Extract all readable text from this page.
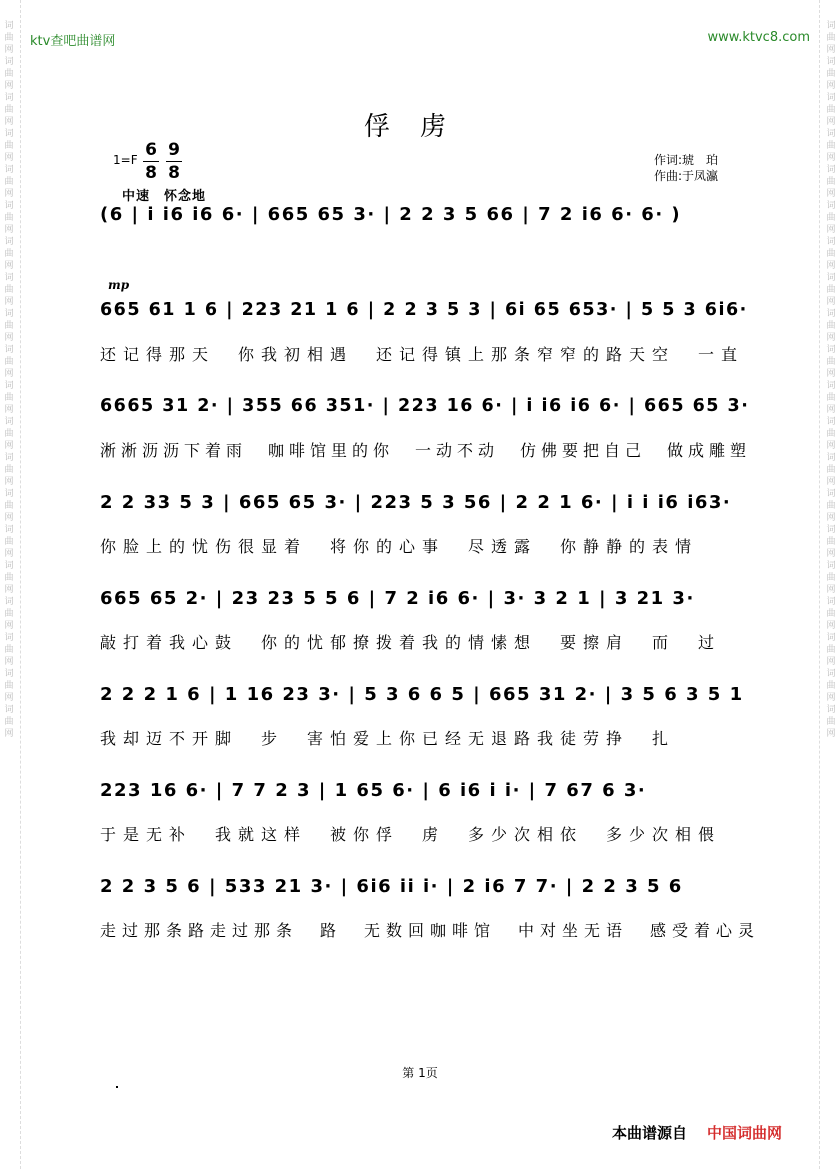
词曲网词曲网词曲网词曲网词曲网词曲网词曲网词曲网词曲网词曲网词曲网词曲网词曲网词曲网词曲网词曲网词曲网词曲网词曲网词曲网
词曲网词曲网词曲网词曲网词曲网词曲网词曲网词曲网词曲网词曲网词曲网词曲网词曲网词曲网词曲网词曲网词曲网词曲网词曲网词曲网
ktv查吧曲谱网	www.ktvc8.com
俘虏
1=F 6
8
9
8
作词:琥　珀
作曲:于凤瀛
中速　怀念地
mp
(6 | i i6 i6 6· | 665 65 3· | 2 2 3 5 66 | 7 2 i6 6· 6· )
665 61 1 6 | 223 21 1 6 | 2 2 3 5 3 | 6i 65 653· | 5 5 3 6i6·
还记得那天　你我初相遇　还记得镇上那条窄窄的路天空　一直
6665 31 2· | 355 66 351· | 223 16 6· | i i6 i6 6· | 665 65 3·
淅淅沥沥下着雨　咖啡馆里的你　一动不动　仿佛要把自己　做成雕塑
2 2 33 5 3 | 665 65 3· | 223 5 3 56 | 2 2 1 6· | i i i6 i63·
你脸上的忧伤很显着　将你的心事　尽透露　你静静的表情
665 65 2· | 23 23 5 5 6 | 7 2 i6 6· | 3· 3 2 1 | 3 21 3·
敲打着我心鼓　你的忧郁撩拨着我的情愫想　要擦肩　而　过
2 2 2 1 6 | 1 16 23 3· | 5 3 6 6 5 | 665 31 2· | 3 5 6 3 5 1
我却迈不开脚　步　害怕爱上你已经无退路我徒劳挣　扎
223 16 6· | 7 7 2 3 | 1 65 6· | 6 i6 i i· | 7 67 6 3·
于是无补　我就这样　被你俘　虏　多少次相依　多少次相偎
2 2 3 5 6 | 533 21 3· | 6i6 ii i· | 2 i6 7 7· | 2 2 3 5 6
走过那条路走过那条　路　无数回咖啡馆　中对坐无语　感受着心灵
第 1页
本曲谱源自 中国词曲网
